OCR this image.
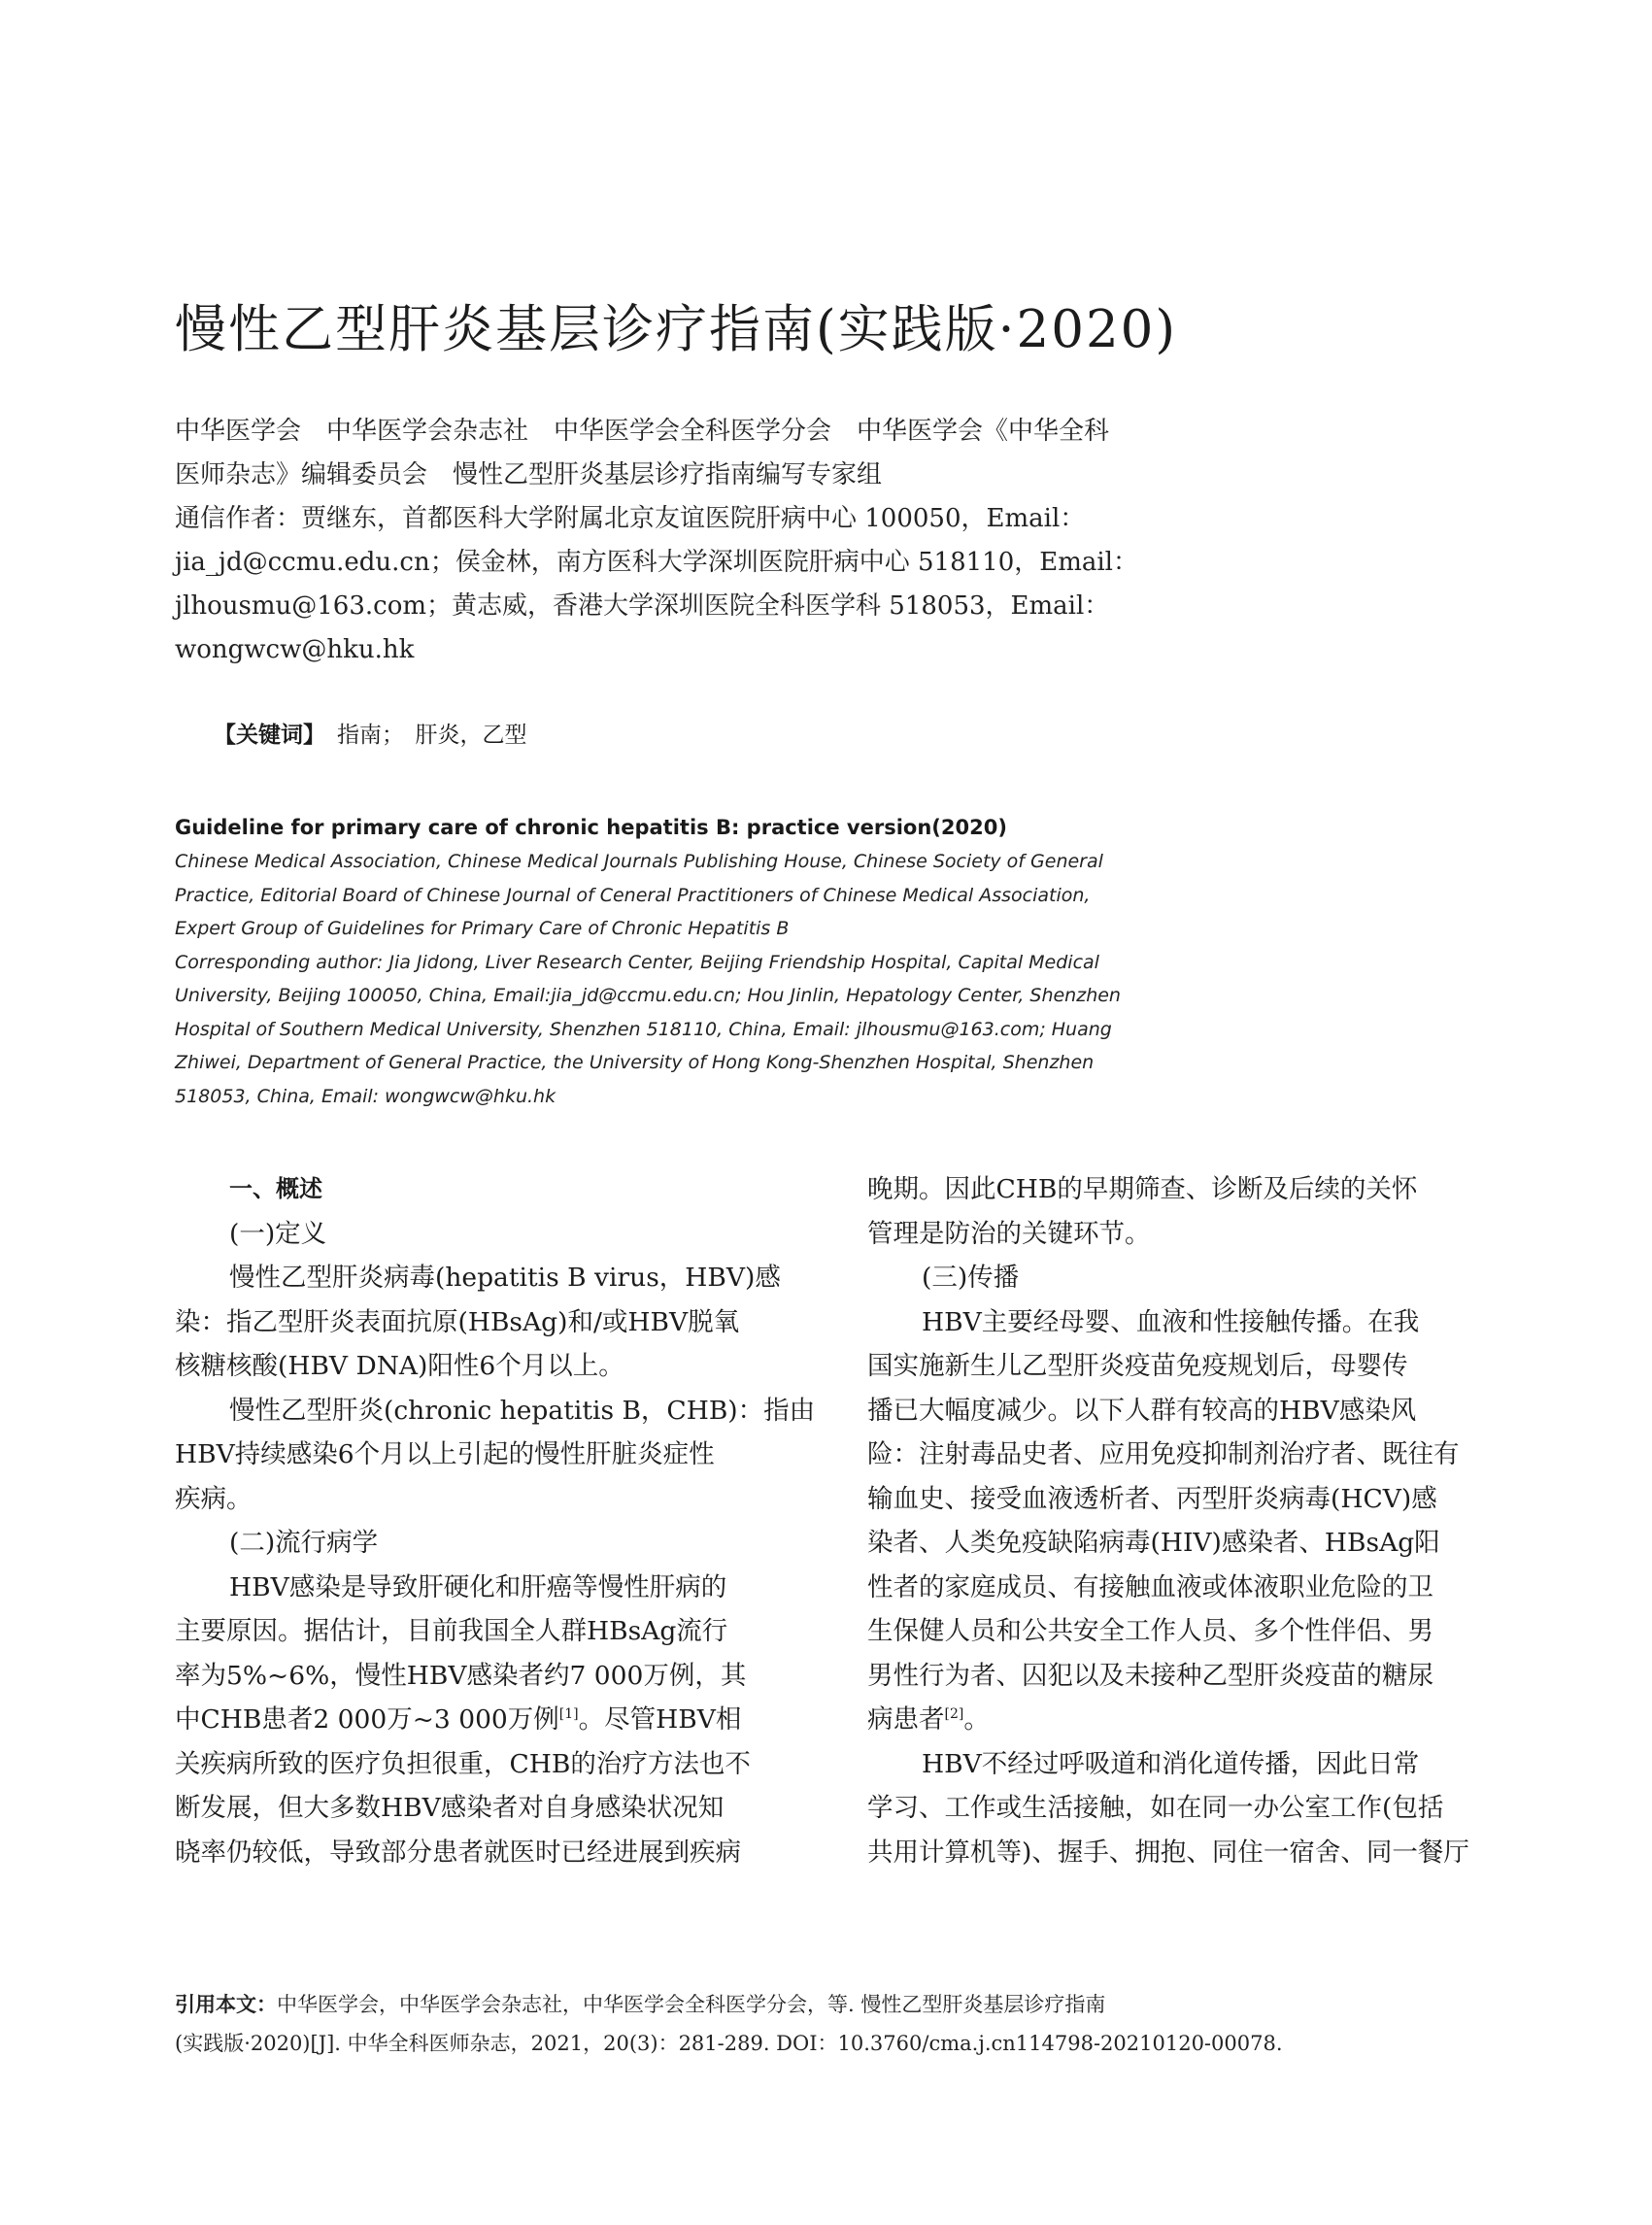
慢性乙型肝炎基层诊疗指南(实践版·2020)
中华医学会　中华医学会杂志社　中华医学会全科医学分会　中华医学会《中华全科
医师杂志》编辑委员会　慢性乙型肝炎基层诊疗指南编写专家组
通信作者：贾继东，首都医科大学附属北京友谊医院肝病中心 100050，Email：
jia_jd@ccmu.edu.cn；侯金林，南方医科大学深圳医院肝病中心 518110，Email：
jlhousmu@163.com；黄志威，香港大学深圳医院全科医学科 518053，Email：
wongwcw@hku.hk
【关键词】 指南；　肝炎，乙型
Guideline for primary care of chronic hepatitis B: practice version(2020)
Chinese Medical Association, Chinese Medical Journals Publishing House, Chinese Society of General
Practice, Editorial Board of Chinese Journal of Ceneral Practitioners of Chinese Medical Association,
Expert Group of Guidelines for Primary Care of Chronic Hepatitis B
Corresponding author: Jia Jidong, Liver Research Center, Beijing Friendship Hospital, Capital Medical
University, Beijing 100050, China, Email:jia_jd@ccmu.edu.cn; Hou Jinlin, Hepatology Center, Shenzhen
Hospital of Southern Medical University, Shenzhen 518110, China, Email: jlhousmu@163.com; Huang
Zhiwei, Department of General Practice, the University of Hong Kong-Shenzhen Hospital, Shenzhen
518053, China, Email: wongwcw@hku.hk
一、概述
(一)定义
慢性乙型肝炎病毒(hepatitis B virus，HBV)感
染：指乙型肝炎表面抗原(HBsAg)和/或HBV脱氧
核糖核酸(HBV DNA)阳性6个月以上。
慢性乙型肝炎(chronic hepatitis B，CHB)：指由
HBV持续感染6个月以上引起的慢性肝脏炎症性
疾病。
(二)流行病学
HBV感染是导致肝硬化和肝癌等慢性肝病的
主要原因。据估计，目前我国全人群HBsAg流行
率为5%~6%，慢性HBV感染者约7 000万例，其
中CHB患者2 000万~3 000万例[1]。尽管HBV相
关疾病所致的医疗负担很重，CHB的治疗方法也不
断发展，但大多数HBV感染者对自身感染状况知
晓率仍较低，导致部分患者就医时已经进展到疾病
晚期。因此CHB的早期筛查、诊断及后续的关怀
管理是防治的关键环节。
(三)传播
HBV主要经母婴、血液和性接触传播。在我
国实施新生儿乙型肝炎疫苗免疫规划后，母婴传
播已大幅度减少。以下人群有较高的HBV感染风
险：注射毒品史者、应用免疫抑制剂治疗者、既往有
输血史、接受血液透析者、丙型肝炎病毒(HCV)感
染者、人类免疫缺陷病毒(HIV)感染者、HBsAg阳
性者的家庭成员、有接触血液或体液职业危险的卫
生保健人员和公共安全工作人员、多个性伴侣、男
男性行为者、囚犯以及未接种乙型肝炎疫苗的糖尿
病患者[2]。
HBV不经过呼吸道和消化道传播，因此日常
学习、工作或生活接触，如在同一办公室工作(包括
共用计算机等)、握手、拥抱、同住一宿舍、同一餐厅
引用本文：中华医学会，中华医学会杂志社，中华医学会全科医学分会，等. 慢性乙型肝炎基层诊疗指南
(实践版·2020)[J]. 中华全科医师杂志，2021，20(3)：281-289. DOI：10.3760/cma.j.cn114798-20210120-00078.
